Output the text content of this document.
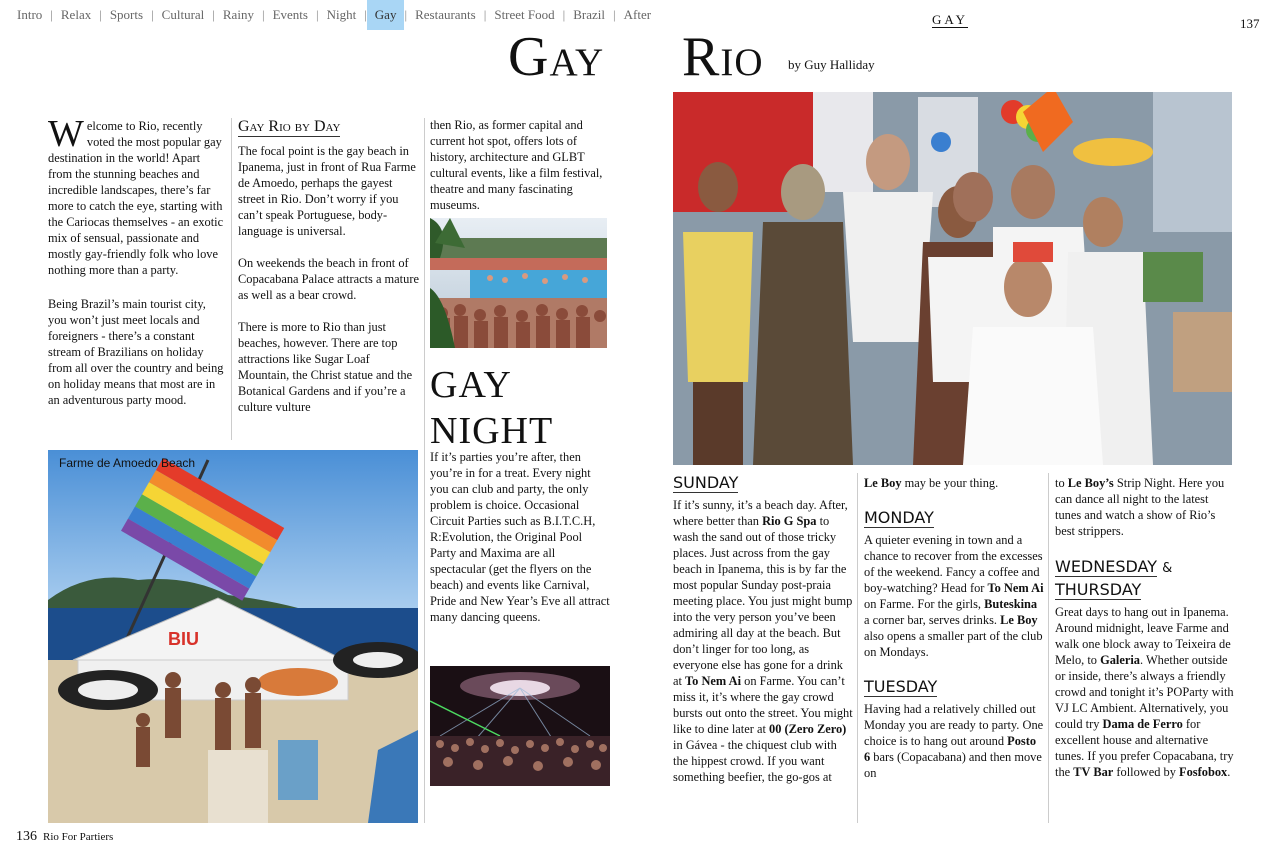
Intro | Relax | Sports | Cultural | Rainy | Events | Night | Gay | Restaurants | Street Food | Brazil | After	GAY	137
Gay Rio by Guy Halliday

Welcome to Rio, recently voted the most popular gay destination in the world! Apart from the stunning beaches and incredible landscapes, there’s far more to catch the eye, starting with the Cariocas themselves - an exotic mix of sensual, passionate and mostly gay-friendly folk who love nothing more than a party.

Being Brazil’s main tourist city, you won’t just meet locals and foreigners - there’s a constant stream of Brazilians on holiday from all over the country and being on holiday means that most are in an adventurous party mood.

Gay Rio by Day

The focal point is the gay beach in Ipanema, just in front of Rua Farme de Amoedo, perhaps the gayest street in Rio. Don’t worry if you can’t speak Portuguese, body-language is universal.

On weekends the beach in front of Copacabana Palace attracts a mature as well as a bear crowd.

There is more to Rio than just beaches, however. There are top attractions like Sugar Loaf Mountain, the Christ statue and the Botanical Gardens and if you’re a culture vulture

then Rio, as former capital and current hot spot, offers lots of history, architecture and GLBT cultural events, like a film festival, theatre and many fascinating museums.
GAY
NIGHT
If it’s parties you’re after, then you’re in for a treat. Every night you can club and party, the only problem is choice. Occasional Circuit Parties such as B.I.T.C.H, R:Evolution, the Original Pool Party and Maxima are all spectacular (get the flyers on the beach) and events like Carnival, Pride and New Year’s Eve all attract many dancing queens.
BIU
Farme de Amoedo Beach
SUNDAY

If it’s sunny, it’s a beach day. After, where better than Rio G Spa to wash the sand out of those tricky places. Just across from the gay beach in Ipanema, this is by far the most popular Sunday post-praia meeting place. You just might bump into the very person you’ve been admiring all day at the beach. But don’t linger for too long, as everyone else has gone for a drink at To Nem Ai on Farme. You can’t miss it, it’s where the gay crowd bursts out onto the street. You might like to dine later at 00 (Zero Zero) in Gávea - the chiquest club with the hippest crowd. If you want something beefier, the go-gos at

Le Boy may be your thing.

MONDAY

A quieter evening in town and a chance to recover from the excesses of the weekend. Fancy a coffee and boy-watching? Head for To Nem Ai on Farme. For the girls, Buteskina a corner bar, serves drinks. Le Boy also opens a smaller part of the club on Mondays.

TUESDAY

Having had a relatively chilled out Monday you are ready to party. One choice is to hang out around Posto 6 bars (Copacabana) and then move on

to Le Boy’s Strip Night. Here you can dance all night to the latest tunes and watch a show of Rio’s best strippers.

WEDNESDAY &
THURSDAY

Great days to hang out in Ipanema. Around midnight, leave Farme and walk one block away to Teixeira de Melo, to Galeria. Whether outside or inside, there’s always a friendly crowd and tonight it’s POParty with VJ LC Ambient. Alternatively, you could try Dama de Ferro for excellent house and alternative tunes. If you prefer Copacabana, try the TV Bar followed by Fosfobox.

136 Rio For Partiers
